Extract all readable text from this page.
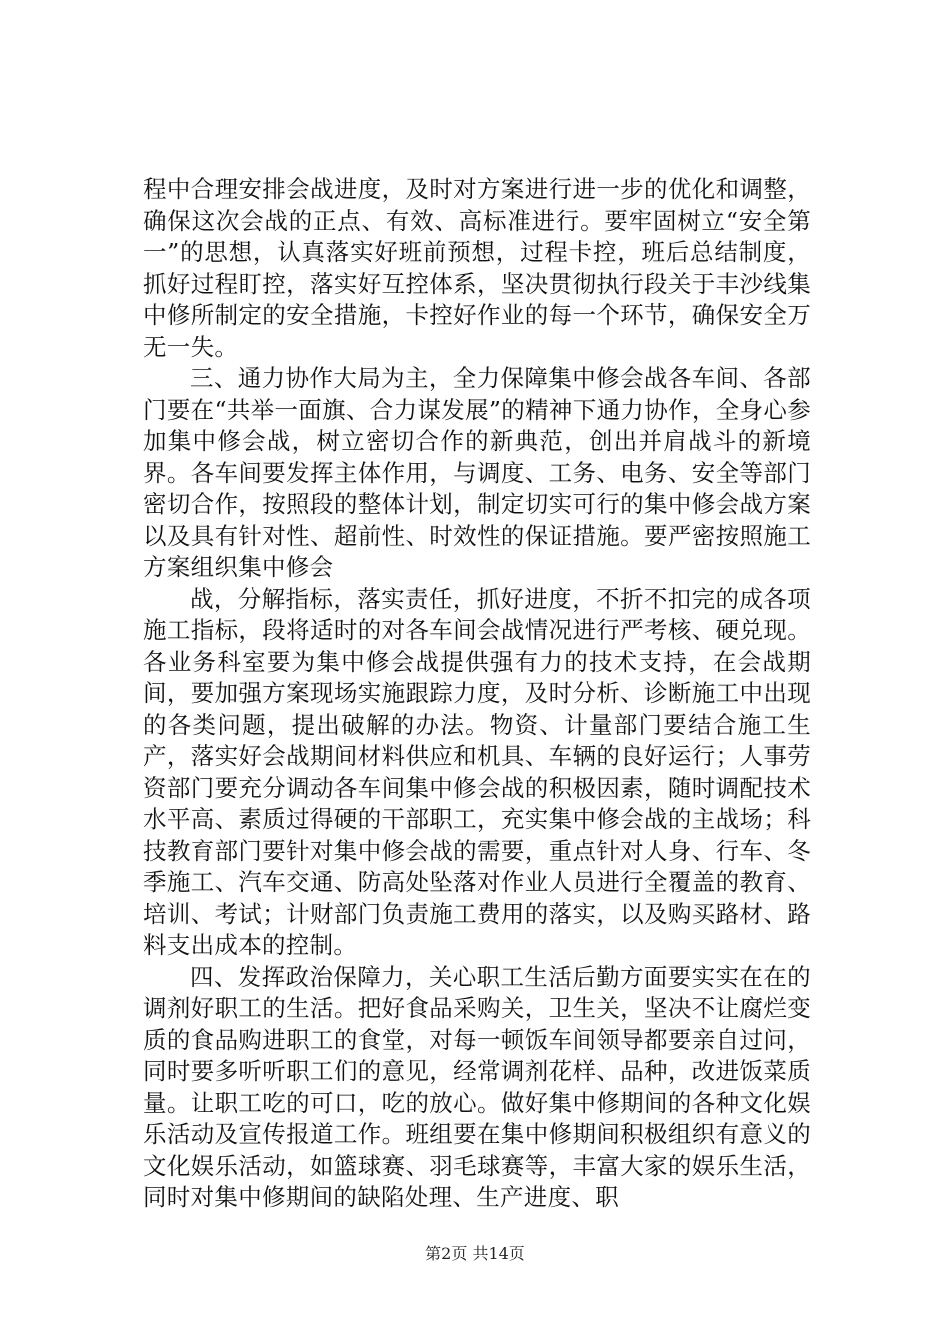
程中合理安排会战进度，及时对方案进行进一步的优化和调整，确保这次会战的正点、有效、高标准进行。要牢固树立“安全第一”的思想，认真落实好班前预想，过程卡控，班后总结制度，抓好过程盯控，落实好互控体系，坚决贯彻执行段关于丰沙线集中修所制定的安全措施，卡控好作业的每一个环节，确保安全万无一失。

三、通力协作大局为主，全力保障集中修会战各车间、各部门要在“共举一面旗、合力谋发展”的精神下通力协作，全身心参加集中修会战，树立密切合作的新典范，创出并肩战斗的新境界。各车间要发挥主体作用，与调度、工务、电务、安全等部门密切合作，按照段的整体计划，制定切实可行的集中修会战方案以及具有针对性、超前性、时效性的保证措施。要严密按照施工方案组织集中修会

战，分解指标，落实责任，抓好进度，不折不扣完的成各项施工指标，段将适时的对各车间会战情况进行严考核、硬兑现。各业务科室要为集中修会战提供强有力的技术支持，在会战期间，要加强方案现场实施跟踪力度，及时分析、诊断施工中出现的各类问题，提出破解的办法。物资、计量部门要结合施工生产，落实好会战期间材料供应和机具、车辆的良好运行；人事劳资部门要充分调动各车间集中修会战的积极因素，随时调配技术水平高、素质过得硬的干部职工，充实集中修会战的主战场；科技教育部门要针对集中修会战的需要，重点针对人身、行车、冬季施工、汽车交通、防高处坠落对作业人员进行全覆盖的教育、培训、考试；计财部门负责施工费用的落实，以及购买路材、路料支出成本的控制。

四、发挥政治保障力，关心职工生活后勤方面要实实在在的调剂好职工的生活。把好食品采购关，卫生关，坚决不让腐烂变质的食品购进职工的食堂，对每一顿饭车间领导都要亲自过问，同时要多听听职工们的意见，经常调剂花样、品种，改进饭菜质量。让职工吃的可口，吃的放心。做好集中修期间的各种文化娱乐活动及宣传报道工作。班组要在集中修期间积极组织有意义的文化娱乐活动，如篮球赛、羽毛球赛等，丰富大家的娱乐生活，同时对集中修期间的缺陷处理、生产进度、职

第2页 共14页
